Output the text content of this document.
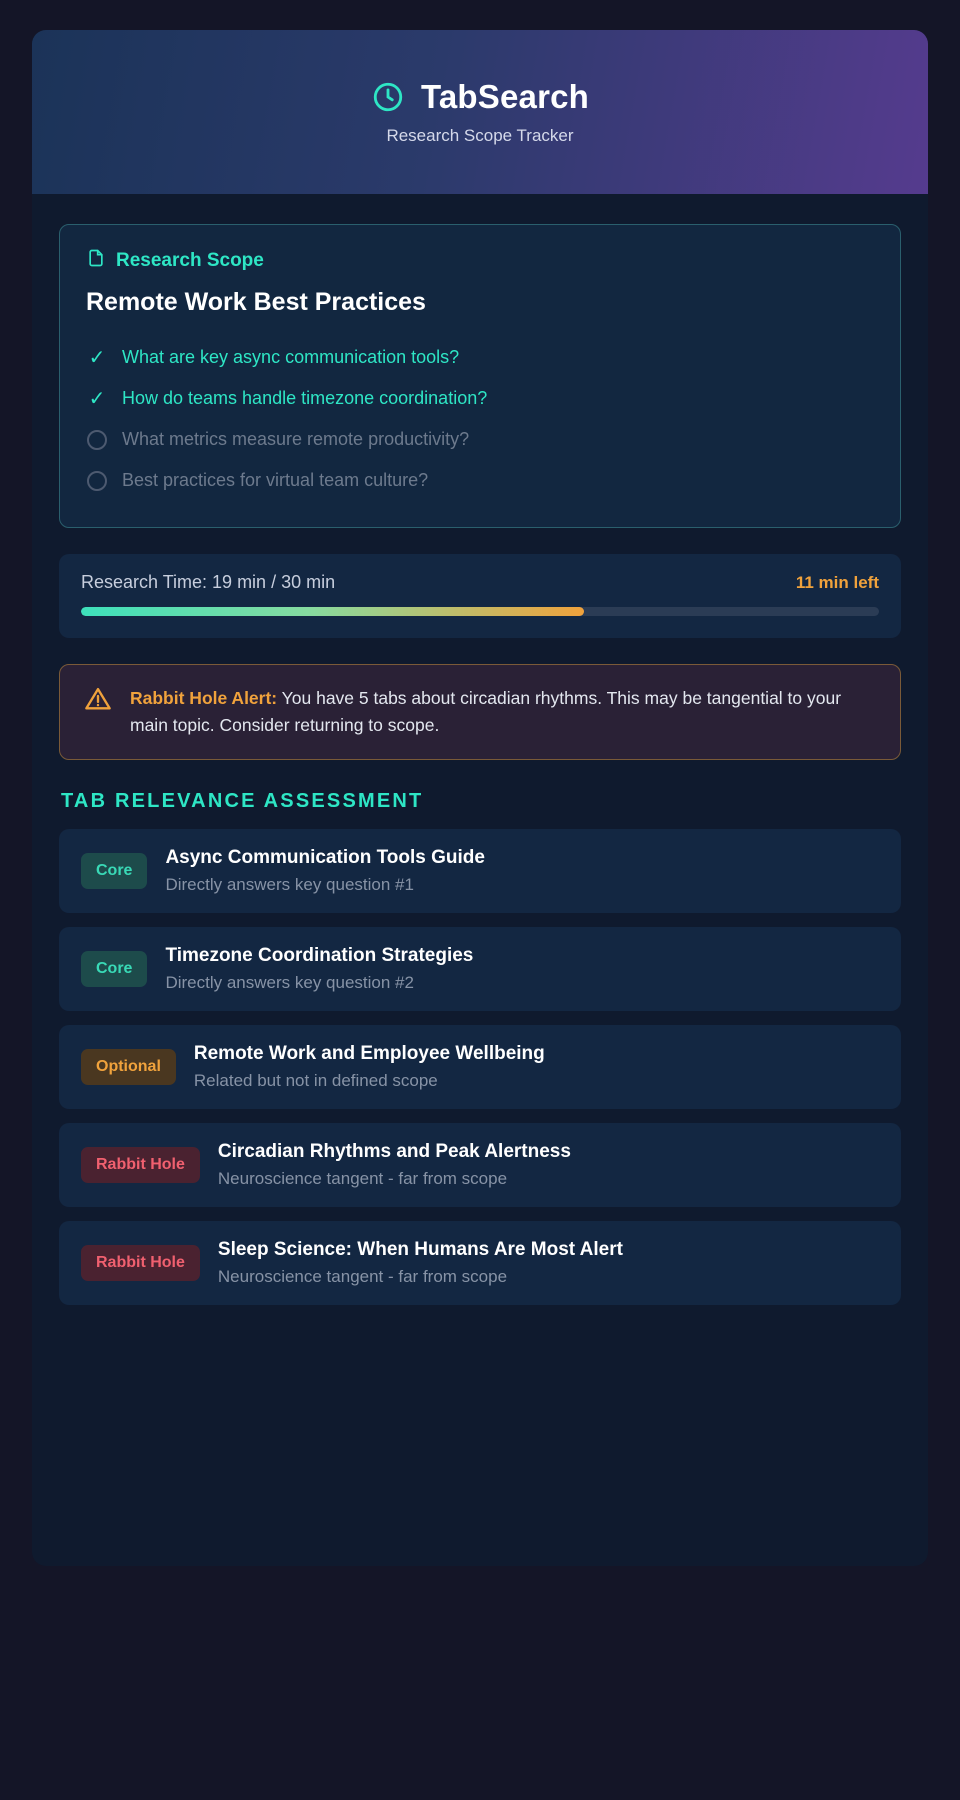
TabSearch
Research Scope Tracker
Research Scope
Remote Work Best Practices
✓ What are key async communication tools?
✓ How do teams handle timezone coordination?
What metrics measure remote productivity?
Best practices for virtual team culture?
Research Time: 19 min / 30 min	11 min left
Rabbit Hole Alert: You have 5 tabs about circadian rhythms. This may be tangential to your main topic. Consider returning to scope.
TAB RELEVANCE ASSESSMENT
Core
Async Communication Tools Guide
Directly answers key question #1
Core
Timezone Coordination Strategies
Directly answers key question #2
Optional
Remote Work and Employee Wellbeing
Related but not in defined scope
Rabbit Hole
Circadian Rhythms and Peak Alertness
Neuroscience tangent - far from scope
Rabbit Hole
Sleep Science: When Humans Are Most Alert
Neuroscience tangent - far from scope
